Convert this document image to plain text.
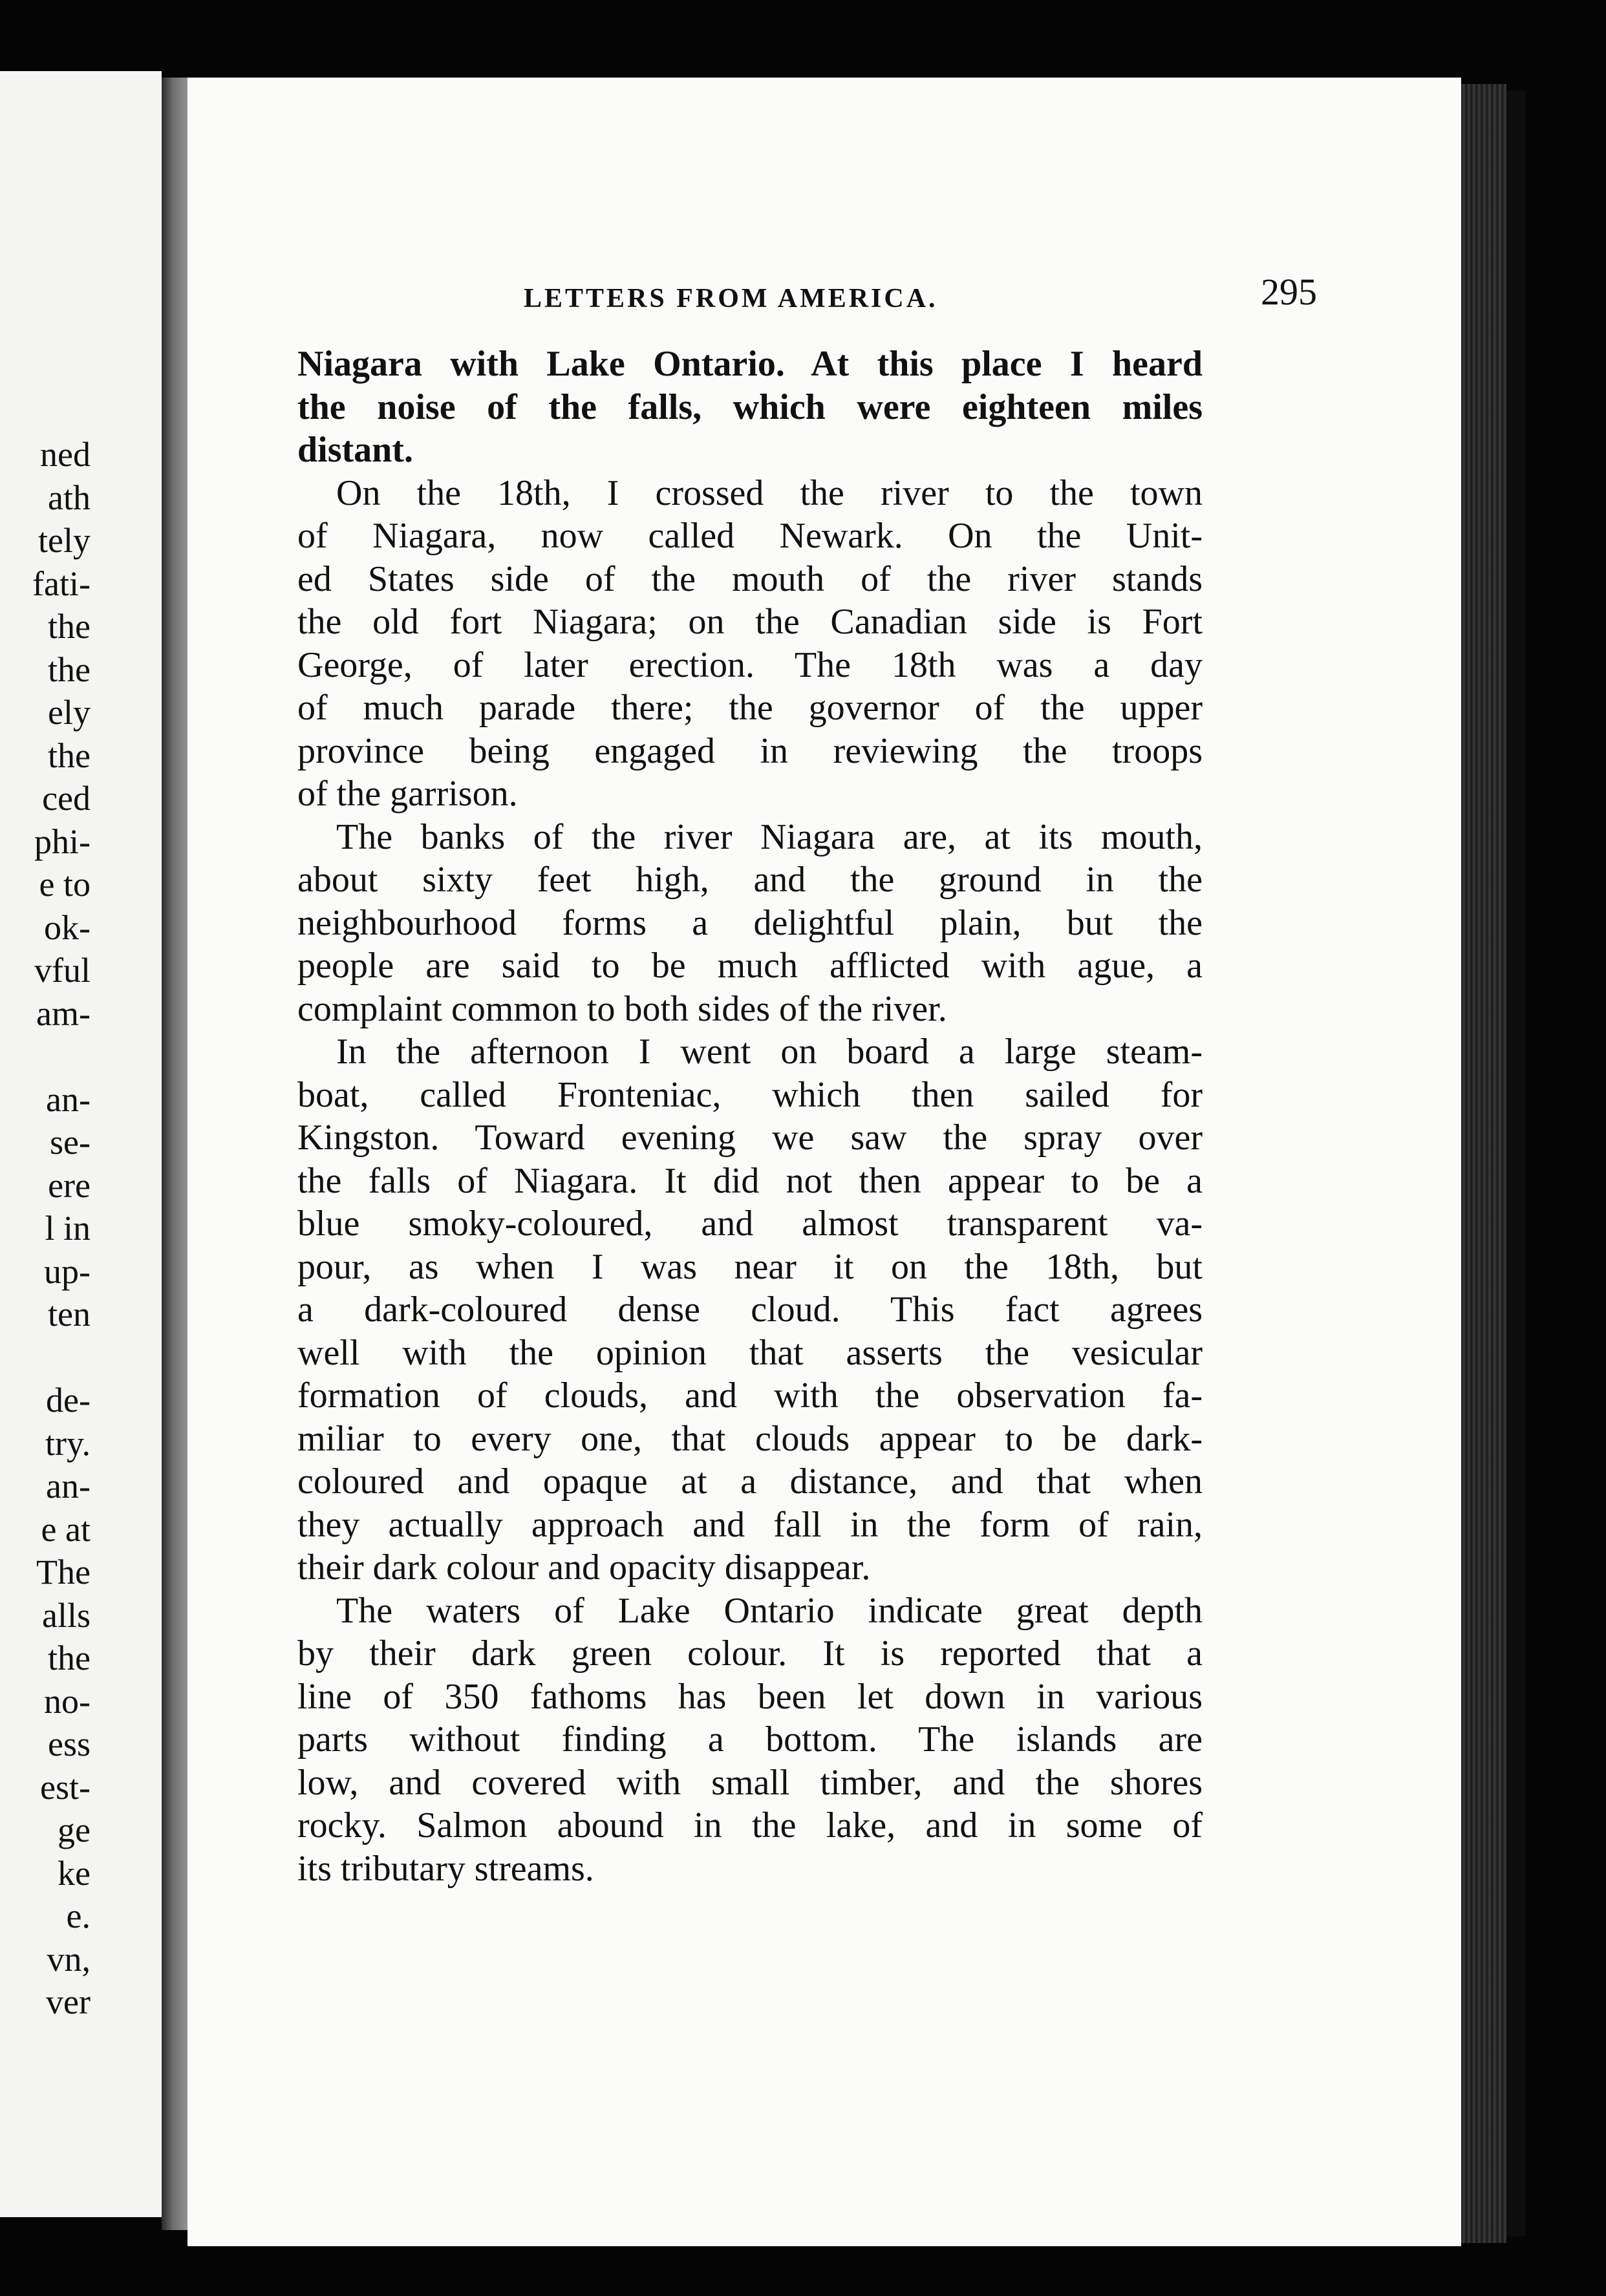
ned
ath
tely
fati-
the
the
ely
the
ced
phi-
e to
ok-
vful
am-
an-
se-
ere
l in
up-
ten
de-
try.
an-
e at
The
alls
the
no-
ess
est-
ge
ke
e.
vn,
ver
LETTERS FROM AMERICA.	295
Niagara with Lake Ontario. At this place I heard
the noise of the falls, which were eighteen miles
distant.
On the 18th, I crossed the river to the town
of Niagara, now called Newark. On the Unit-
ed States side of the mouth of the river stands
the old fort Niagara; on the Canadian side is Fort
George, of later erection. The 18th was a day
of much parade there; the governor of the upper
province being engaged in reviewing the troops
of the garrison.
The banks of the river Niagara are, at its mouth,
about sixty feet high, and the ground in the
neighbourhood forms a delightful plain, but the
people are said to be much afflicted with ague, a
complaint common to both sides of the river.
In the afternoon I went on board a large steam-
boat, called Fronteniac, which then sailed for
Kingston. Toward evening we saw the spray over
the falls of Niagara. It did not then appear to be a
blue smoky-coloured, and almost transparent va-
pour, as when I was near it on the 18th, but
a dark-coloured dense cloud. This fact agrees
well with the opinion that asserts the vesicular
formation of clouds, and with the observation fa-
miliar to every one, that clouds appear to be dark-
coloured and opaque at a distance, and that when
they actually approach and fall in the form of rain,
their dark colour and opacity disappear.
The waters of Lake Ontario indicate great depth
by their dark green colour. It is reported that a
line of 350 fathoms has been let down in various
parts without finding a bottom. The islands are
low, and covered with small timber, and the shores
rocky. Salmon abound in the lake, and in some of
its tributary streams.
